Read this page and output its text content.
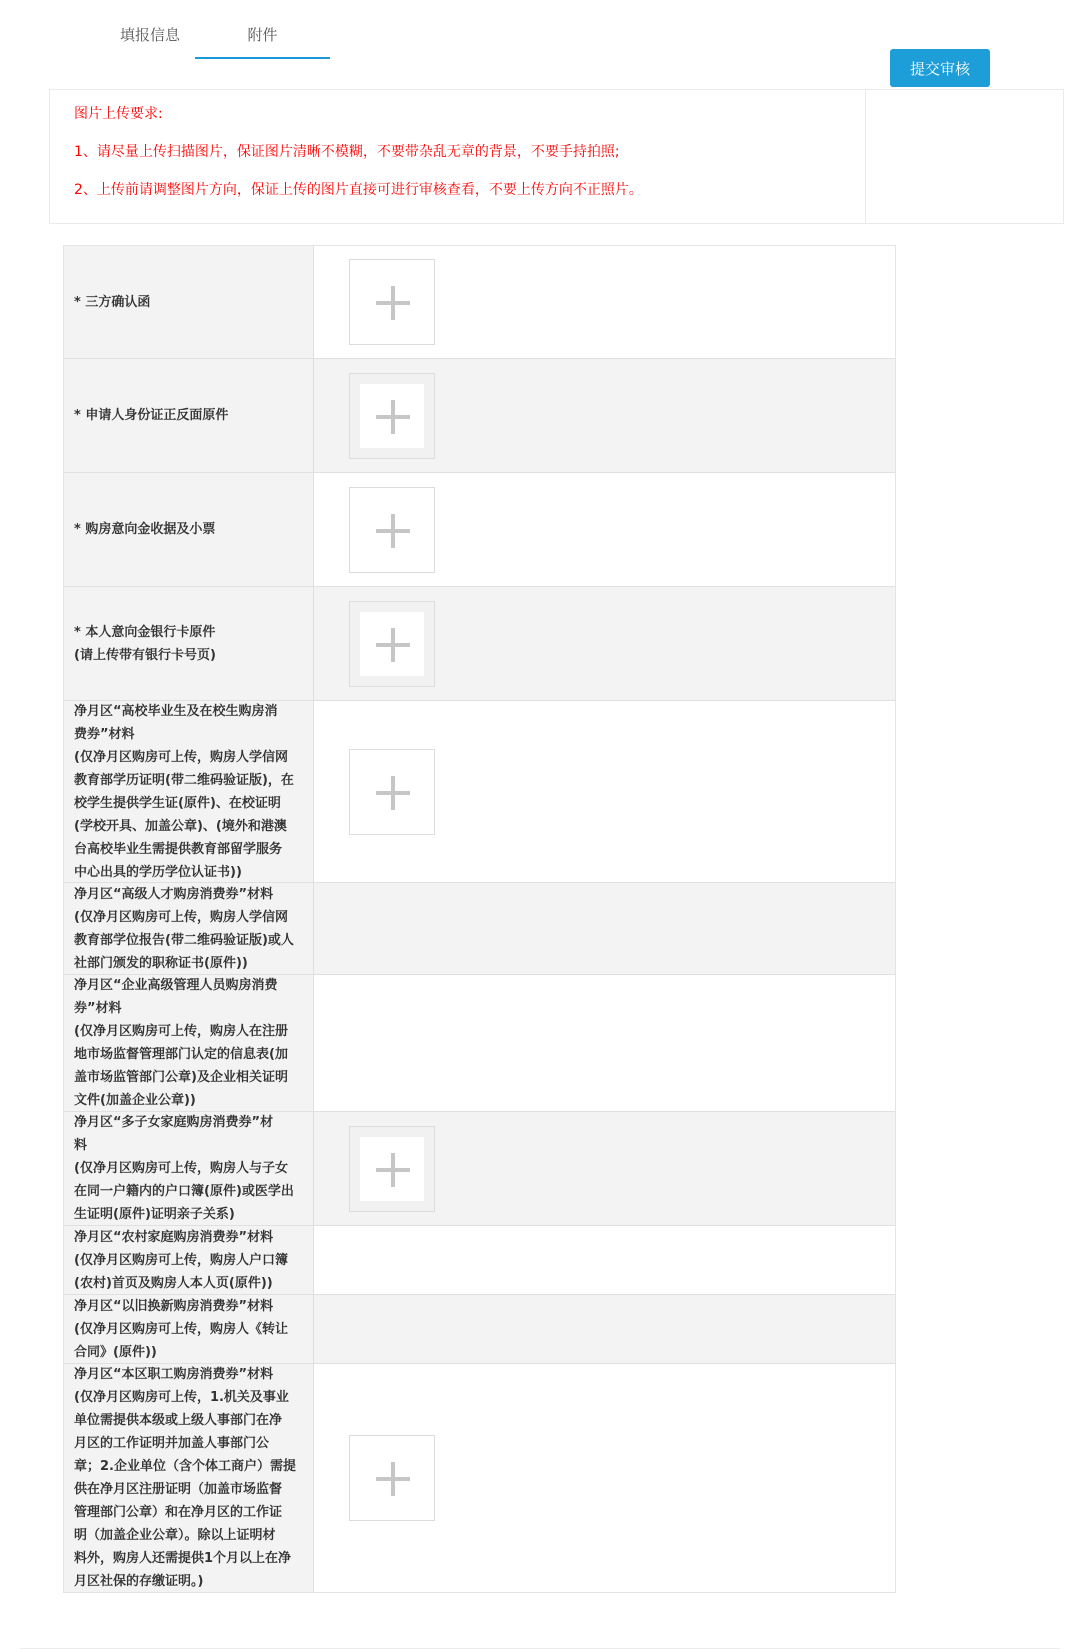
填报信息	附件
图片上传要求:
1、请尽量上传扫描图片，保证图片清晰不模糊，不要带杂乱无章的背景，不要手持拍照;
2、上传前请调整图片方向，保证上传的图片直接可进行审核查看，不要上传方向不正照片。
提交审核
* 三方确认函
* 申请人身份证正反面原件
* 购房意向金收据及小票
* 本人意向金银行卡原件
(请上传带有银行卡号页)
净月区“高校毕业生及在校生购房消
费券”材料
(仅净月区购房可上传，购房人学信网
教育部学历证明(带二维码验证版)，在
校学生提供学生证(原件)、在校证明
(学校开具、加盖公章)、(境外和港澳
台高校毕业生需提供教育部留学服务
中心出具的学历学位认证书))
净月区“高级人才购房消费券”材料
(仅净月区购房可上传，购房人学信网
教育部学位报告(带二维码验证版)或人
社部门颁发的职称证书(原件))
净月区“企业高级管理人员购房消费
券”材料
(仅净月区购房可上传，购房人在注册
地市场监督管理部门认定的信息表(加
盖市场监管部门公章)及企业相关证明
文件(加盖企业公章))
净月区“多子女家庭购房消费券”材
料
(仅净月区购房可上传，购房人与子女
在同一户籍内的户口簿(原件)或医学出
生证明(原件)证明亲子关系)
净月区“农村家庭购房消费券”材料
(仅净月区购房可上传，购房人户口簿
(农村)首页及购房人本人页(原件))
净月区“以旧换新购房消费券”材料
(仅净月区购房可上传，购房人《转让
合同》(原件))
净月区“本区职工购房消费券”材料
(仅净月区购房可上传，1.机关及事业
单位需提供本级或上级人事部门在净
月区的工作证明并加盖人事部门公
章；2.企业单位（含个体工商户）需提
供在净月区注册证明（加盖市场监督
管理部门公章）和在净月区的工作证
明（加盖企业公章）。除以上证明材
料外，购房人还需提供1个月以上在净
月区社保的存缴证明。)
